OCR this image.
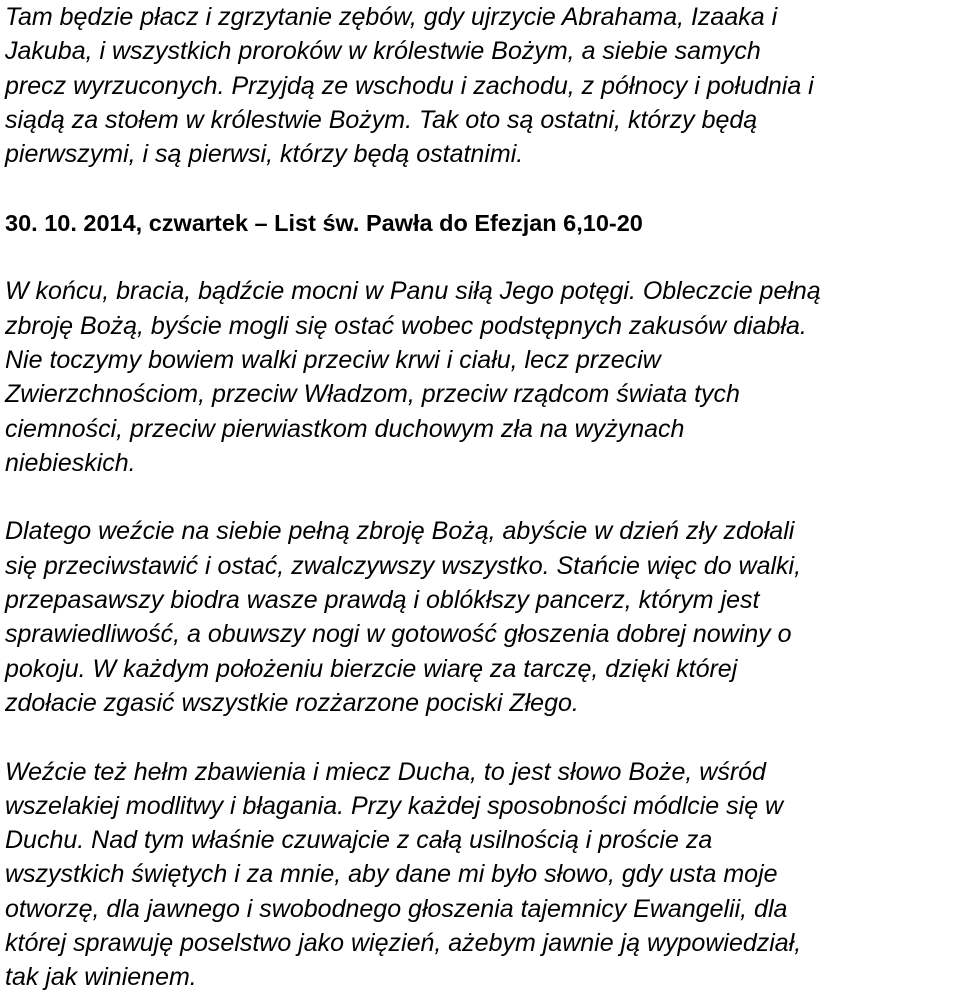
Tam będzie płacz i zgrzytanie zębów, gdy ujrzycie Abrahama, Izaaka i
Jakuba, i wszystkich proroków w królestwie Bożym, a siebie samych
precz wyrzuconych. Przyjdą ze wschodu i zachodu, z północy i południa i
siądą za stołem w królestwie Bożym. Tak oto są ostatni, którzy będą
pierwszymi, i są pierwsi, którzy będą ostatnimi.
30. 10. 2014, czwartek – List św. Pawła do Efezjan 6,10-20
W końcu, bracia, bądźcie mocni w Panu siłą Jego potęgi. Obleczcie pełną
zbroję Bożą, byście mogli się ostać wobec podstępnych zakusów diabła.
Nie toczymy bowiem walki przeciw krwi i ciału, lecz przeciw
Zwierzchnościom, przeciw Władzom, przeciw rządcom świata tych
ciemności, przeciw pierwiastkom duchowym zła na wyżynach
niebieskich.
Dlatego weźcie na siebie pełną zbroję Bożą, abyście w dzień zły zdołali
się przeciwstawić i ostać, zwalczywszy wszystko. Stańcie więc do walki,
przepasawszy biodra wasze prawdą i oblókłszy pancerz, którym jest
sprawiedliwość, a obuwszy nogi w gotowość głoszenia dobrej nowiny o
pokoju. W każdym położeniu bierzcie wiarę za tarczę, dzięki której
zdołacie zgasić wszystkie rozżarzone pociski Złego.
Weźcie też hełm zbawienia i miecz Ducha, to jest słowo Boże, wśród
wszelakiej modlitwy i błagania. Przy każdej sposobności módlcie się w
Duchu. Nad tym właśnie czuwajcie z całą usilnością i proście za
wszystkich świętych i za mnie, aby dane mi było słowo, gdy usta moje
otworzę, dla jawnego i swobodnego głoszenia tajemnicy Ewangelii, dla
której sprawuję poselstwo jako więzień, ażebym jawnie ją wypowiedział,
tak jak winienem.
